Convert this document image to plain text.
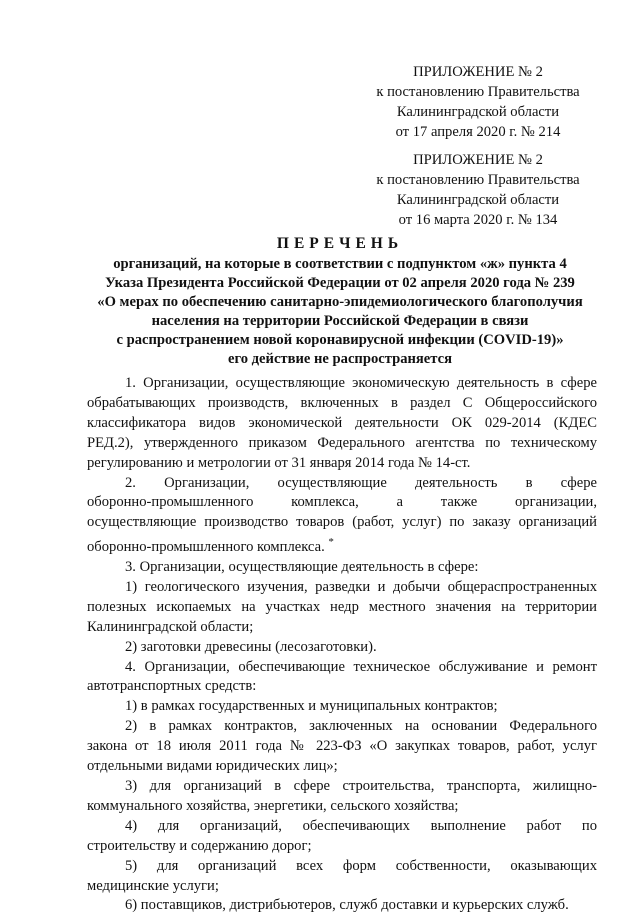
ПРИЛОЖЕНИЕ № 2
к постановлению Правительства
Калининградской области
от 17 апреля 2020 г. № 214
ПРИЛОЖЕНИЕ № 2
к постановлению Правительства
Калининградской области
от 16 марта 2020 г. № 134
ПЕРЕЧЕНЬ
организаций, на которые в соответствии с подпунктом «ж» пункта 4
Указа Президента Российской Федерации от 02 апреля 2020 года № 239
«О мерах по обеспечению санитарно-эпидемиологического благополучия
населения на территории Российской Федерации в связи
с распространением новой коронавирусной инфекции (COVID-19)»
его действие не распространяется
1. Организации, осуществляющие экономическую деятельность в сфере
обрабатывающих производств, включенных в раздел С Общероссийского
классификатора видов экономической деятельности ОК 029-2014 (КДЕС
РЕД.2), утвержденного приказом Федерального агентства по техническому
регулированию и метрологии от 31 января 2014 года № 14-ст.
2. Организации, осуществляющие деятельность в сфере
оборонно-промышленного комплекса, а также организации,
осуществляющие производство товаров (работ, услуг) по заказу организаций
оборонно-промышленного комплекса. *
3. Организации, осуществляющие деятельность в сфере:
1) геологического изучения, разведки и добычи общераспространенных
полезных ископаемых на участках недр местного значения на территории
Калининградской области;
2) заготовки древесины (лесозаготовки).
4. Организации, обеспечивающие техническое обслуживание и ремонт
автотранспортных средств:
1) в рамках государственных и муниципальных контрактов;
2) в рамках контрактов, заключенных на основании Федерального
закона от 18 июля 2011 года № 223-ФЗ «О закупках товаров, работ, услуг
отдельными видами юридических лиц»;
3) для организаций в сфере строительства, транспорта, жилищно-
коммунального хозяйства, энергетики, сельского хозяйства;
4) для организаций, обеспечивающих выполнение работ по
строительству и содержанию дорог;
5) для организаций всех форм собственности, оказывающих
медицинские услуги;
6) поставщиков, дистрибьютеров, служб доставки и курьерских служб.
